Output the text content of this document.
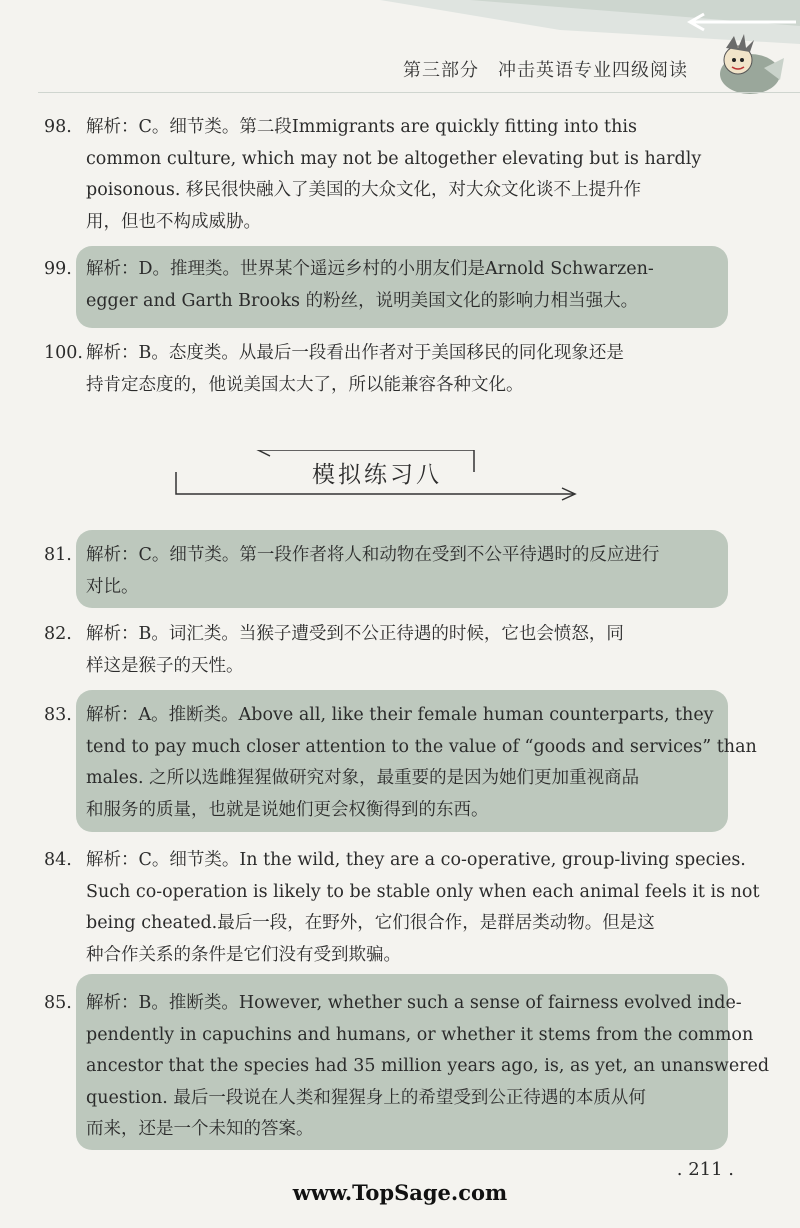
第三部分　冲击英语专业四级阅读
98. 解析：C。细节类。第二段Immigrants are quickly fitting into this
common culture, which may not be altogether elevating but is hardly
poisonous. 移民很快融入了美国的大众文化，对大众文化谈不上提升作
用，但也不构成威胁。
99. 解析：D。推理类。世界某个遥远乡村的小朋友们是Arnold Schwarzen-
egger and Garth Brooks 的粉丝，说明美国文化的影响力相当强大。
100. 解析：B。态度类。从最后一段看出作者对于美国移民的同化现象还是
持肯定态度的，他说美国太大了，所以能兼容各种文化。
模拟练习八
81. 解析：C。细节类。第一段作者将人和动物在受到不公平待遇时的反应进行
对比。
82. 解析：B。词汇类。当猴子遭受到不公正待遇的时候，它也会愤怒，同
样这是猴子的天性。
83. 解析：A。推断类。Above all, like their female human counterparts, they
tend to pay much closer attention to the value of “goods and services” than
males. 之所以选雌猩猩做研究对象，最重要的是因为她们更加重视商品
和服务的质量，也就是说她们更会权衡得到的东西。
84. 解析：C。细节类。In the wild, they are a co-operative, group-living species.
Such co-operation is likely to be stable only when each animal feels it is not
being cheated.最后一段，在野外，它们很合作，是群居类动物。但是这
种合作关系的条件是它们没有受到欺骗。
85. 解析：B。推断类。However, whether such a sense of fairness evolved inde-
pendently in capuchins and humans, or whether it stems from the common
ancestor that the species had 35 million years ago, is, as yet, an unanswered
question. 最后一段说在人类和猩猩身上的希望受到公正待遇的本质从何
而来，还是一个未知的答案。
. 211 .
www.TopSage.com
